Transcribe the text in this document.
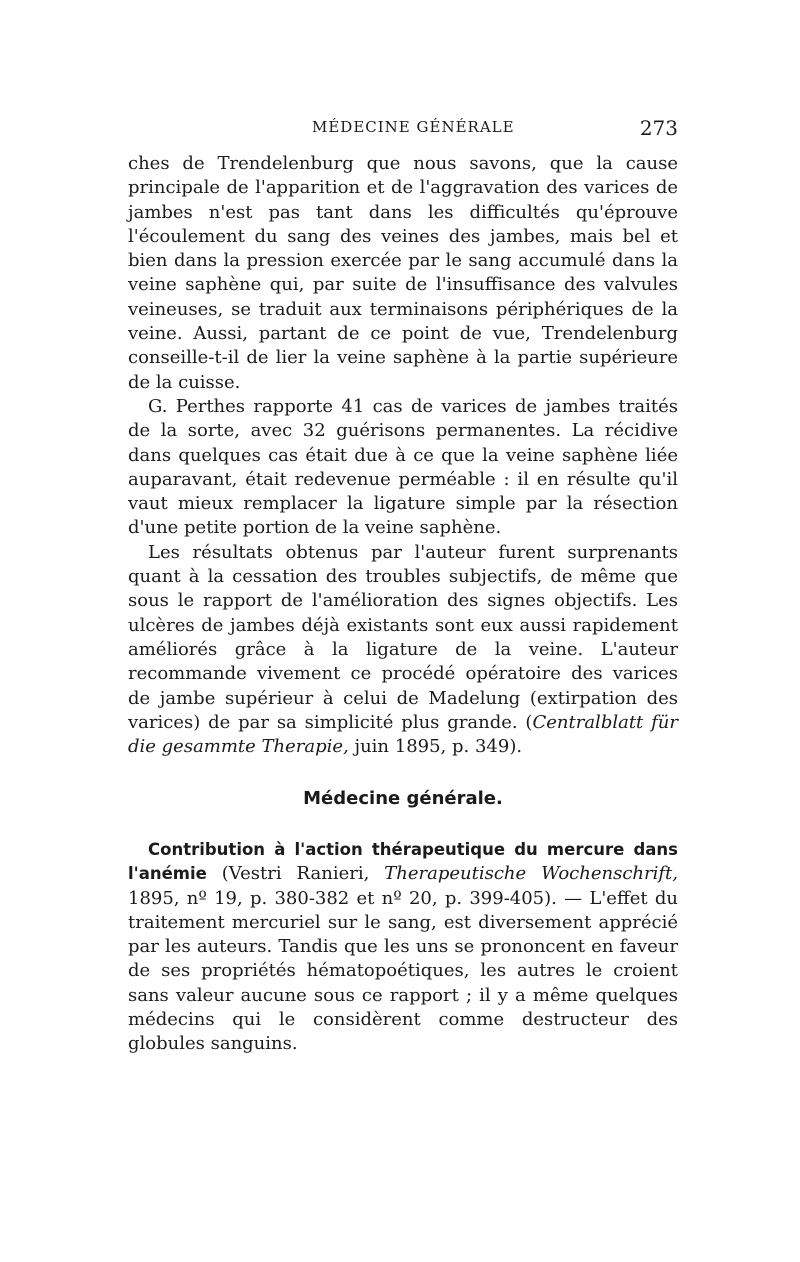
MÉDECINE GÉNÉRALE	273

ches de Trendelenburg que nous savons, que la cause principale de l'apparition et de l'aggravation des varices de jambes n'est pas tant dans les difficultés qu'éprouve l'écoulement du sang des veines des jambes, mais bel et bien dans la pression exercée par le sang accumulé dans la veine saphène qui, par suite de l'insuffisance des valvules veineuses, se traduit aux terminaisons périphériques de la veine. Aussi, partant de ce point de vue, Trendelenburg conseille-t-il de lier la veine saphène à la partie supérieure de la cuisse.

G. Perthes rapporte 41 cas de varices de jambes traités de la sorte, avec 32 guérisons permanentes. La récidive dans quelques cas était due à ce que la veine saphène liée auparavant, était redevenue perméable : il en résulte qu'il vaut mieux remplacer la ligature simple par la résection d'une petite portion de la veine saphène.

Les résultats obtenus par l'auteur furent surprenants quant à la cessation des troubles subjectifs, de même que sous le rapport de l'amélioration des signes objectifs. Les ulcères de jambes déjà existants sont eux aussi rapidement améliorés grâce à la ligature de la veine. L'auteur recommande vivement ce procédé opératoire des varices de jambe supérieur à celui de Madelung (extirpation des varices) de par sa simplicité plus grande. (Centralblatt für die gesammte Therapie, juin 1895, p. 349).

Médecine générale.

Contribution à l'action thérapeutique du mercure dans l'anémie (Vestri Ranieri, Therapeutische Wochenschrift, 1895, nº 19, p. 380-382 et nº 20, p. 399-405). — L'effet du traitement mercuriel sur le sang, est diversement apprécié par les auteurs. Tandis que les uns se prononcent en faveur de ses propriétés hématopoétiques, les autres le croient sans valeur aucune sous ce rapport ; il y a même quelques médecins qui le considèrent comme destructeur des globules sanguins.
